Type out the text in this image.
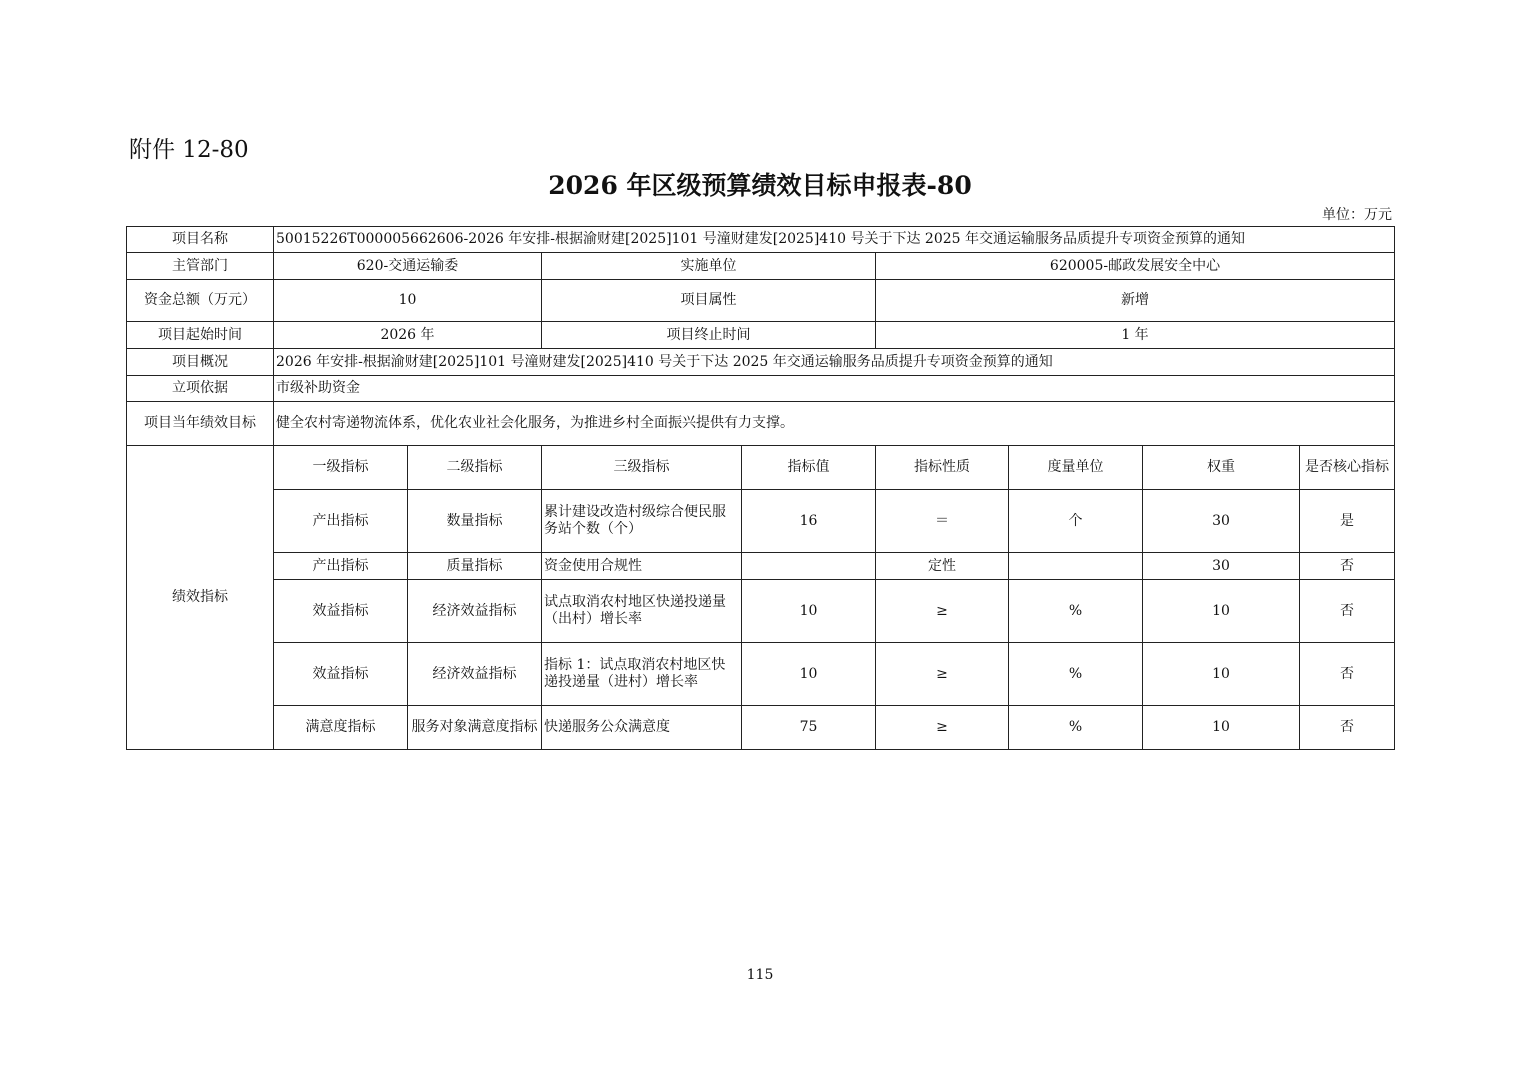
附件 12-80
2026 年区级预算绩效目标申报表-80
单位：万元
项目名称	50015226T000005662606-2026 年安排-根据渝财建[2025]101 号潼财建发[2025]410 号关于下达 2025 年交通运输服务品质提升专项资金预算的通知							
主管部门	620-交通运输委		实施单位		620005-邮政发展安全中心			
资金总额（万元）	10		项目属性		新增			
项目起始时间	2026 年		项目终止时间		1 年			
项目概况	2026 年安排-根据渝财建[2025]101 号潼财建发[2025]410 号关于下达 2025 年交通运输服务品质提升专项资金预算的通知							
立项依据	市级补助资金							
项目当年绩效目标	健全农村寄递物流体系，优化农业社会化服务，为推进乡村全面振兴提供有力支撑。							
绩效指标	一级指标	二级指标	三级指标	指标值	指标性质	度量单位	权重	是否核心指标
	产出指标	数量指标	累计建设改造村级综合便民服务站个数（个）	16	＝	个	30	是
	产出指标	质量指标	资金使用合规性		定性		30	否
	效益指标	经济效益指标	试点取消农村地区快递投递量（出村）增长率	10	≥	%	10	否
	效益指标	经济效益指标	指标 1：试点取消农村地区快递投递量（进村）增长率	10	≥	%	10	否
	满意度指标	服务对象满意度指标	快递服务公众满意度	75	≥	%	10	否
115
